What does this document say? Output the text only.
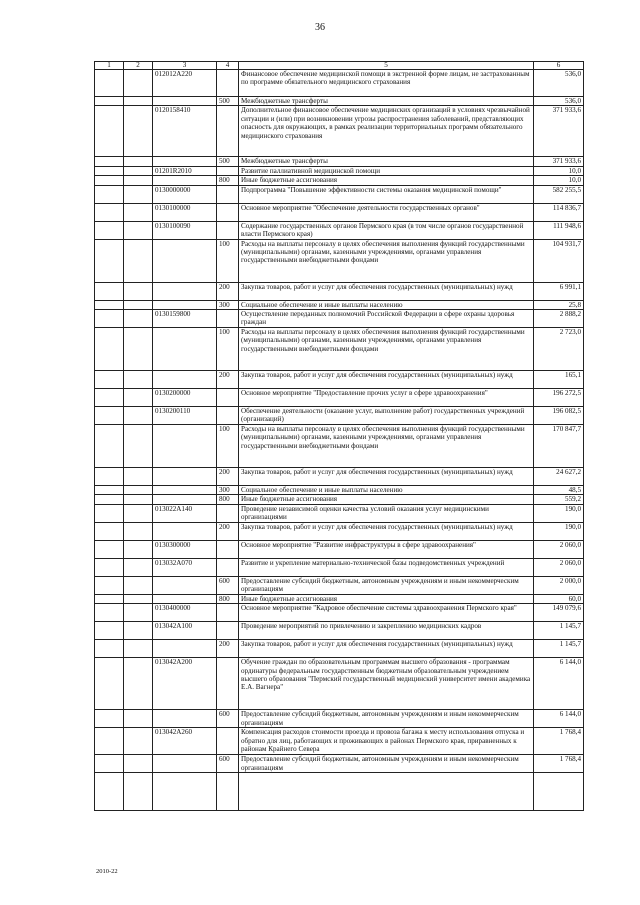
36
1	2	3	4	5	6
		012012А220		Финансовое обеспечение медицинской помощи в экстренной форме лицам, не застрахованным по программе обязательного медицинского страхования	536,0
			500	Межбюджетные трансферты	536,0
		0120158410		Дополнительное финансовое обеспечение медицинских организаций в условиях чрезвычайной ситуации и (или) при возникновении угрозы распространения заболеваний, представляющих опасность для окружающих, в рамках реализации территориальных программ обязательного медицинского страхования	371 933,6
			500	Межбюджетные трансферты	371 933,6
		01201R2010		Развитие паллиативной медицинской помощи	10,0
			800	Иные бюджетные ассигнования	10,0
		0130000000		Подпрограмма "Повышение эффективности системы оказания медицинской помощи"	582 255,5
		0130100000		Основное мероприятие "Обеспечение деятельности государственных органов"	114 836,7
		0130100090		Содержание государственных органов Пермского края (в том числе органов государственной власти Пермского края)	111 948,6
			100	Расходы на выплаты персоналу в целях обеспечения выполнения функций государственными (муниципальными) органами, казенными учреждениями, органами управления государственными внебюджетными фондами	104 931,7
			200	Закупка товаров, работ и услуг для обеспечения государственных (муниципальных) нужд	6 991,1
			300	Социальное обеспечение и иные выплаты населению	25,8
		0130159800		Осуществление переданных полномочий Российской Федерации в сфере охраны здоровья граждан	2 888,2
			100	Расходы на выплаты персоналу в целях обеспечения выполнения функций государственными (муниципальными) органами, казенными учреждениями, органами управления государственными внебюджетными фондами	2 723,0
			200	Закупка товаров, работ и услуг для обеспечения государственных (муниципальных) нужд	165,1
		0130200000		Основное мероприятие "Предоставление прочих услуг в сфере здравоохранения"	196 272,5
		0130200110		Обеспечение деятельности (оказание услуг, выполнение работ) государственных учреждений (организаций)	196 082,5
			100	Расходы на выплаты персоналу в целях обеспечения выполнения функций государственными (муниципальными) органами, казенными учреждениями, органами управления государственными внебюджетными фондами	170 847,7
			200	Закупка товаров, работ и услуг для обеспечения государственных (муниципальных) нужд	24 627,2
			300	Социальное обеспечение и иные выплаты населению	48,5
			800	Иные бюджетные ассигнования	559,2
		013022А140		Проведение независимой оценки качества условий оказания услуг медицинскими организациями	190,0
			200	Закупка товаров, работ и услуг для обеспечения государственных (муниципальных) нужд	190,0
		0130300000		Основное мероприятие "Развитие инфраструктуры в сфере здравоохранения"	2 060,0
		013032А070		Развитие и укрепление материально-технической базы подведомственных учреждений	2 060,0
			600	Предоставление субсидий бюджетным, автономным учреждениям и иным некоммерческим организациям	2 000,0
			800	Иные бюджетные ассигнования	60,0
		0130400000		Основное мероприятие "Кадровое обеспечение системы здравоохранения Пермского края"	149 079,6
		013042А100		Проведение мероприятий по привлечению и закреплению медицинских кадров	1 145,7
			200	Закупка товаров, работ и услуг для обеспечения государственных (муниципальных) нужд	1 145,7
		013042А200		Обучение граждан по образовательным программам высшего образования - программам ординатуры федеральным государственным бюджетным образовательным учреждением высшего образования "Пермский государственный медицинский университет имени академика Е.А. Вагнера"	6 144,0
			600	Предоставление субсидий бюджетным, автономным учреждениям и иным некоммерческим организациям	6 144,0
		013042А260		Компенсация расходов стоимости проезда и провоза багажа к месту использования отпуска и обратно для лиц, работающих и проживающих в районах Пермского края, приравненных к районам Крайнего Севера	1 768,4
			600	Предоставление субсидий бюджетным, автономным учреждениям и иным некоммерческим организациям	1 768,4

2010-22
